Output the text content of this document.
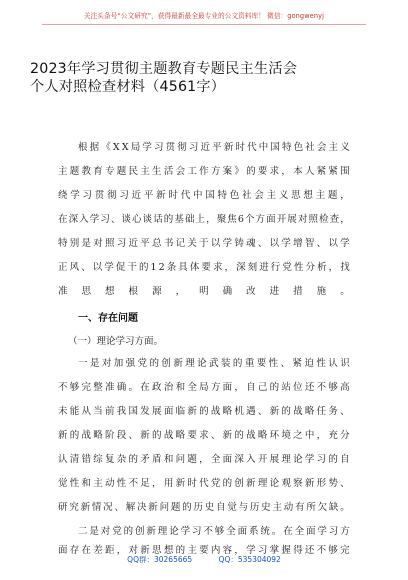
关注头条号“公文研究”，获得最新最全最专业的公文资料库！ 微信：gongwenyj
2023年学习贯彻主题教育专题民主生活会
个人对照检查材料（4561字）
根据《XX局学习贯彻习近平新时代中国特色社会主义
主题教育专题民主生活会工作方案》的要求，本人紧紧围
绕学习贯彻习近平新时代中国特色社会主义思想主题，
在深入学习、谈心谈话的基础上，聚焦6个方面开展对照检查，
特别是对照习近平总书记关于以学铸魂、以学增智、以学
正风、以学促干的12条具体要求，深刻进行党性分析，找
准思想根源，明确改进措施。
一、存在问题
（一）理论学习方面。
一是对加强党的创新理论武装的重要性、紧迫性认识
不够完整准确。在政治和全局方面，自己的站位还不够高
未能从当前我国发展面临新的战略机遇、新的战略任务、
新的战略阶段、新的战略要求、新的战略环境之中，充分
认清错综复杂的矛盾和问题，全面深入开展理论学习的自
觉性和主动性不足，用新时代党的创新理论观察新形势、
研究新情况、解决新问题的历史自觉与历史主动有所欠缺。
二是对党的创新理论学习不够全面系统。在全面学习方
面存在差距，对新思想的主要内容，学习掌握得还不够完
QQ群：30265665	QQ：535304092
